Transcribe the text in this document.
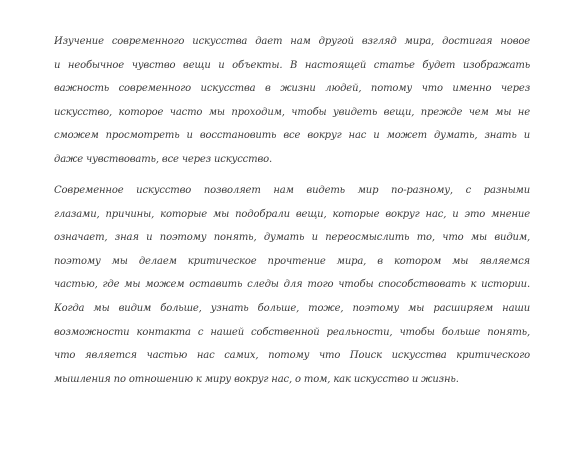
Изучение современного искусства дает нам другой взгляд мира, достигая новое
и необычное чувство вещи и объекты. В настоящей статье будет изображать
важность современного искусства в жизни людей, потому что именно через
искусство, которое часто мы проходим, чтобы увидеть вещи, прежде чем мы не
сможем просмотреть и восстановить все вокруг нас и может думать, знать и
даже чувствовать, все через искусство.
Современное искусство позволяет нам видеть мир по-разному, с разными
глазами, причины, которые мы подобрали вещи, которые вокруг нас, и это мнение
означает, зная и поэтому понять, думать и переосмыслить то, что мы видим,
поэтому мы делаем критическое прочтение мира, в котором мы являемся
частью, где мы можем оставить следы для того чтобы способствовать к истории.
Когда мы видим больше, узнать больше, тоже, поэтому мы расширяем наши
возможности контакта с нашей собственной реальности, чтобы больше понять,
что является частью нас самих, потому что Поиск искусства критического
мышления по отношению к миру вокруг нас, о том, как искусство и жизнь.
